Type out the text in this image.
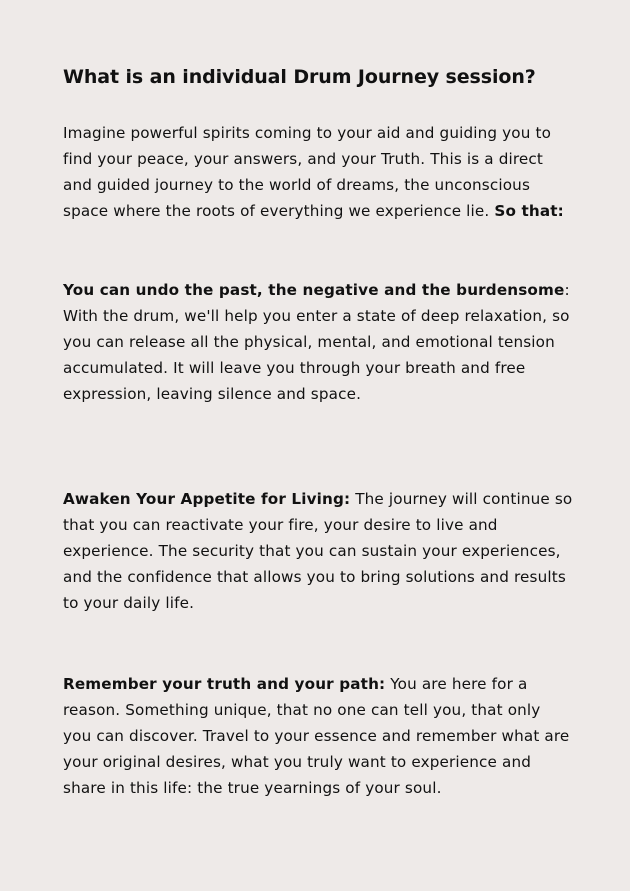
What is an individual Drum Journey session?

Imagine powerful spirits coming to your aid and guiding you to find your peace, your answers, and your Truth. This is a direct and guided journey to the world of dreams, the unconscious space where the roots of everything we experience lie. So that:

You can undo the past, the negative and the burdensome: With the drum, we'll help you enter a state of deep relaxation, so you can release all the physical, mental, and emotional tension accumulated. It will leave you through your breath and free expression, leaving silence and space.

Awaken Your Appetite for Living: The journey will continue so that you can reactivate your fire, your desire to live and experience. The security that you can sustain your experiences, and the confidence that allows you to bring solutions and results to your daily life.

Remember your truth and your path: You are here for a reason. Something unique, that no one can tell you, that only you can discover. Travel to your essence and remember what are your original desires, what you truly want to experience and share in this life: the true yearnings of your soul.
